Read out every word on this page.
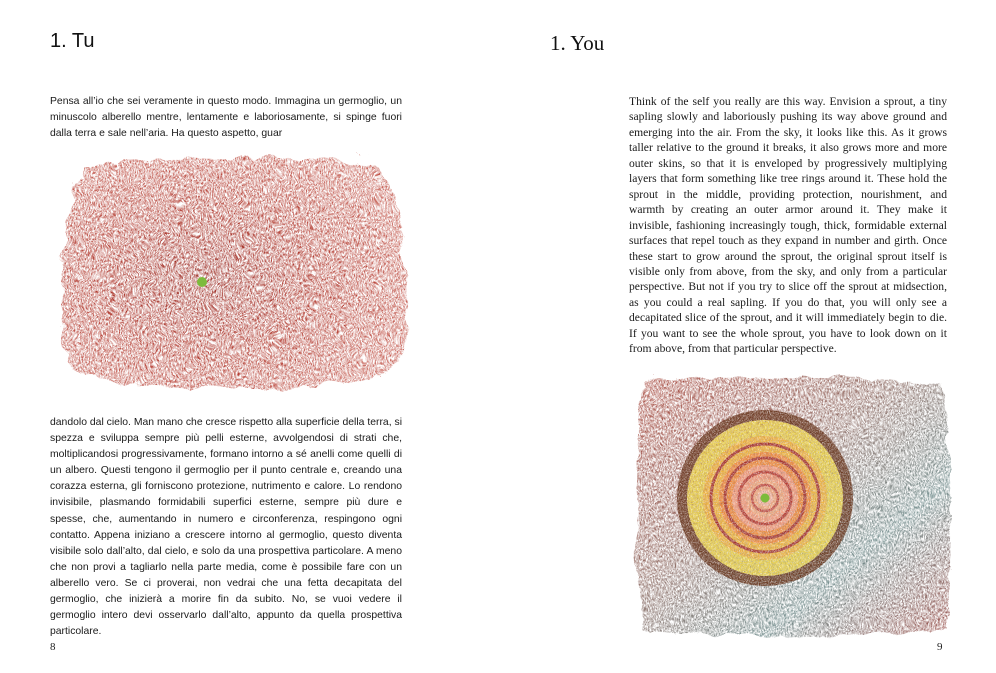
1. Tu

Pensa all’io che sei veramente in questo modo. Immagina un germoglio, un minuscolo alberello mentre, lentamente e laboriosamente, si spinge fuori dalla terra e sale nell’aria. Ha questo aspetto, guar

dandolo dal cielo. Man mano che cresce rispetto alla superficie della terra, si spezza e sviluppa sempre più pelli esterne, avvolgendosi di strati che, moltiplicandosi progressivamente, formano intorno a sé anelli come quelli di un albero. Questi tengono il germoglio per il punto centrale e, creando una corazza esterna, gli forniscono protezione, nutrimento e calore. Lo rendono invisibile, plasmando formidabili superfici esterne, sempre più dure e spesse, che, aumentando in numero e circonferenza, respingono ogni contatto. Appena iniziano a crescere intorno al germoglio, questo diventa visibile solo dall’alto, dal cielo, e solo da una prospettiva particolare. A meno che non provi a tagliarlo nella parte media, come è possibile fare con un alberello vero. Se ci proverai, non vedrai che una fetta decapitata del germoglio, che inizierà a morire fin da subito. No, se vuoi vedere il germoglio intero devi osservarlo dall’alto, appunto da quella prospettiva particolare.

8
1. You

Think of the self you really are this way. Envision a sprout, a tiny sapling slowly and laboriously pushing its way above ground and emerging into the air. From the sky, it looks like this. As it grows taller relative to the ground it breaks, it also grows more and more outer skins, so that it is enveloped by progressively multiplying layers that form something like tree rings around it. These hold the sprout in the middle, providing protection, nourishment, and warmth by creating an outer armor around it. They make it invisible, fashioning increasingly tough, thick, formidable external surfaces that repel touch as they expand in number and girth. Once these start to grow around the sprout, the original sprout itself is visible only from above, from the sky, and only from a particular perspective. But not if you try to slice off the sprout at midsection, as you could a real sapling. If you do that, you will only see a decapitated slice of the sprout, and it will immediately begin to die. If you want to see the whole sprout, you have to look down on it from above, from that particular perspective.

9
